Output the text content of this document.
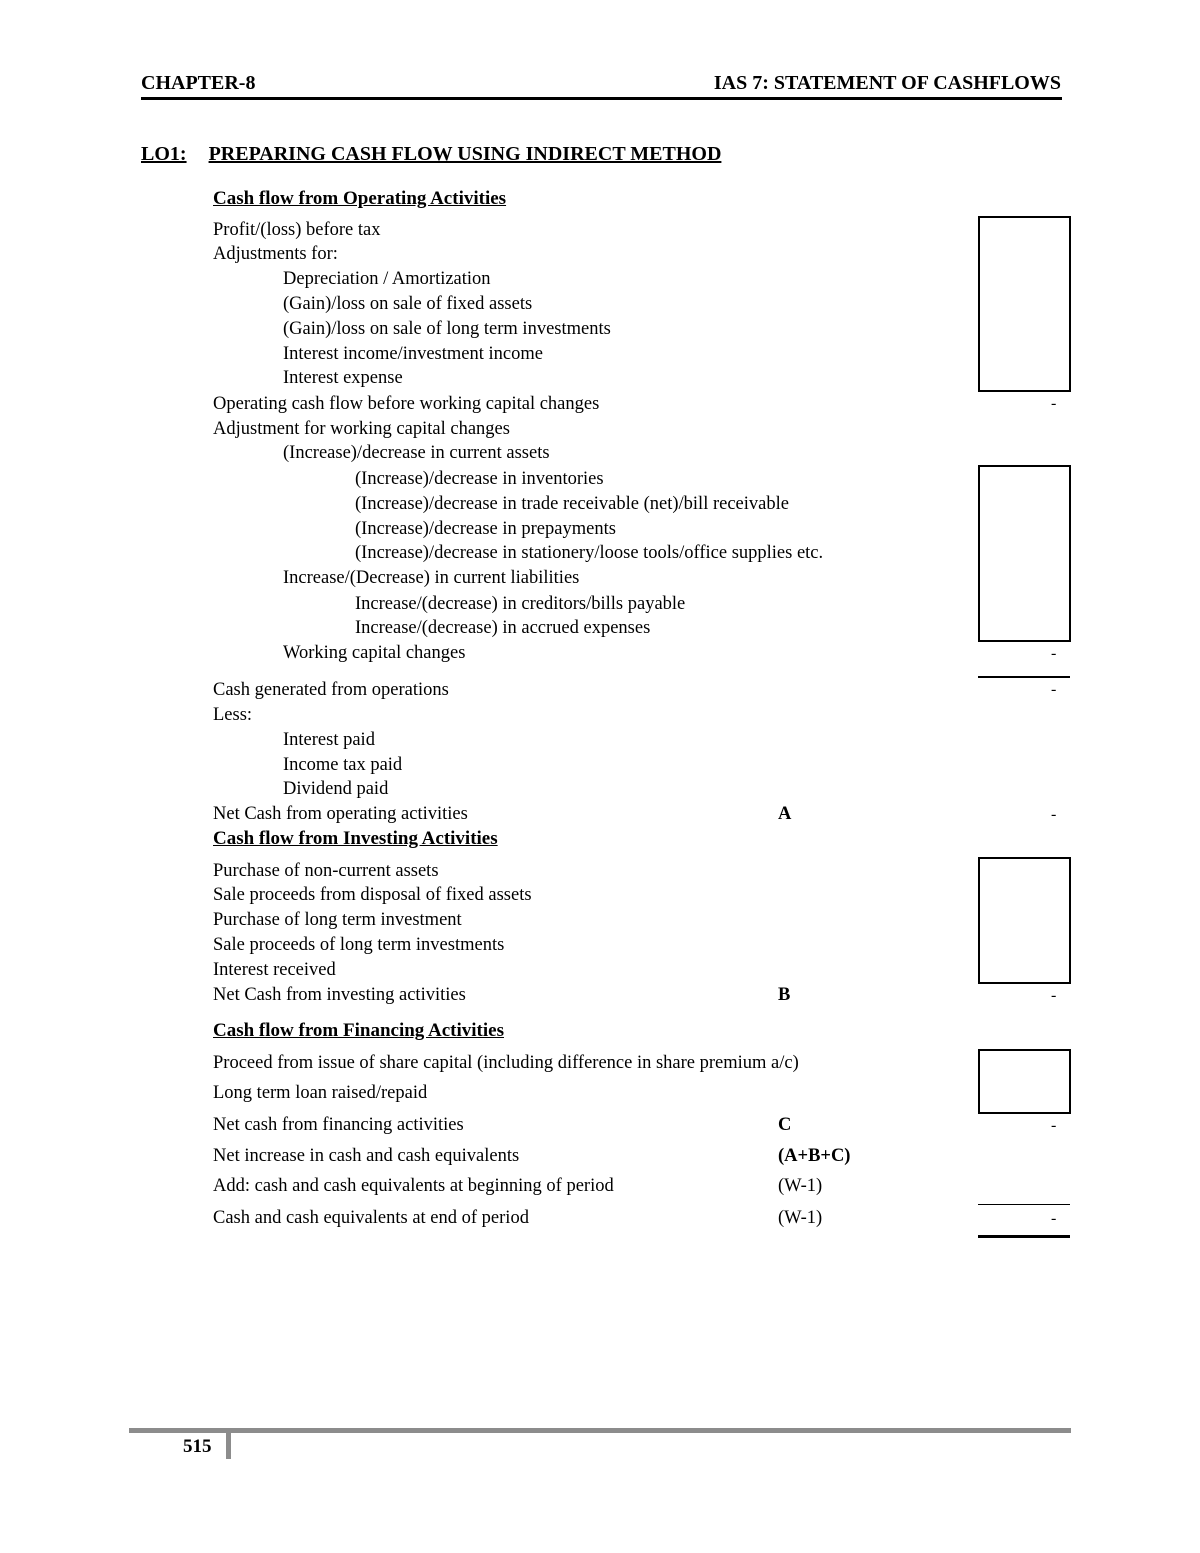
CHAPTER-8	IAS 7: STATEMENT OF CASHFLOWS
LO1: PREPARING CASH FLOW USING INDIRECT METHOD
Cash flow from Operating Activities
Profit/(loss) before tax
Adjustments for:
Depreciation / Amortization
(Gain)/loss on sale of fixed assets
(Gain)/loss on sale of long term investments
Interest income/investment income
Interest expense
Operating cash flow before working capital changes	-
Adjustment for working capital changes
(Increase)/decrease in current assets
(Increase)/decrease in inventories
(Increase)/decrease in trade receivable (net)/bill receivable
(Increase)/decrease in prepayments
(Increase)/decrease in stationery/loose tools/office supplies etc.
Increase/(Decrease) in current liabilities
Increase/(decrease) in creditors/bills payable
Increase/(decrease) in accrued expenses
Working capital changes	-
Cash generated from operations	-
Less:
Interest paid
Income tax paid
Dividend paid
Net Cash from operating activities	A	-
Cash flow from Investing Activities
Purchase of non-current assets
Sale proceeds from disposal of fixed assets
Purchase of long term investment
Sale proceeds of long term investments
Interest received
Net Cash from investing activities	B	-
Cash flow from Financing Activities
Proceed from issue of share capital (including difference in share premium a/c)
Long term loan raised/repaid
Net cash from financing activities	C	-
Net increase in cash and cash equivalents	(A+B+C)
Add: cash and cash equivalents at beginning of period	(W-1)
Cash and cash equivalents at end of period	(W-1)	-
515
